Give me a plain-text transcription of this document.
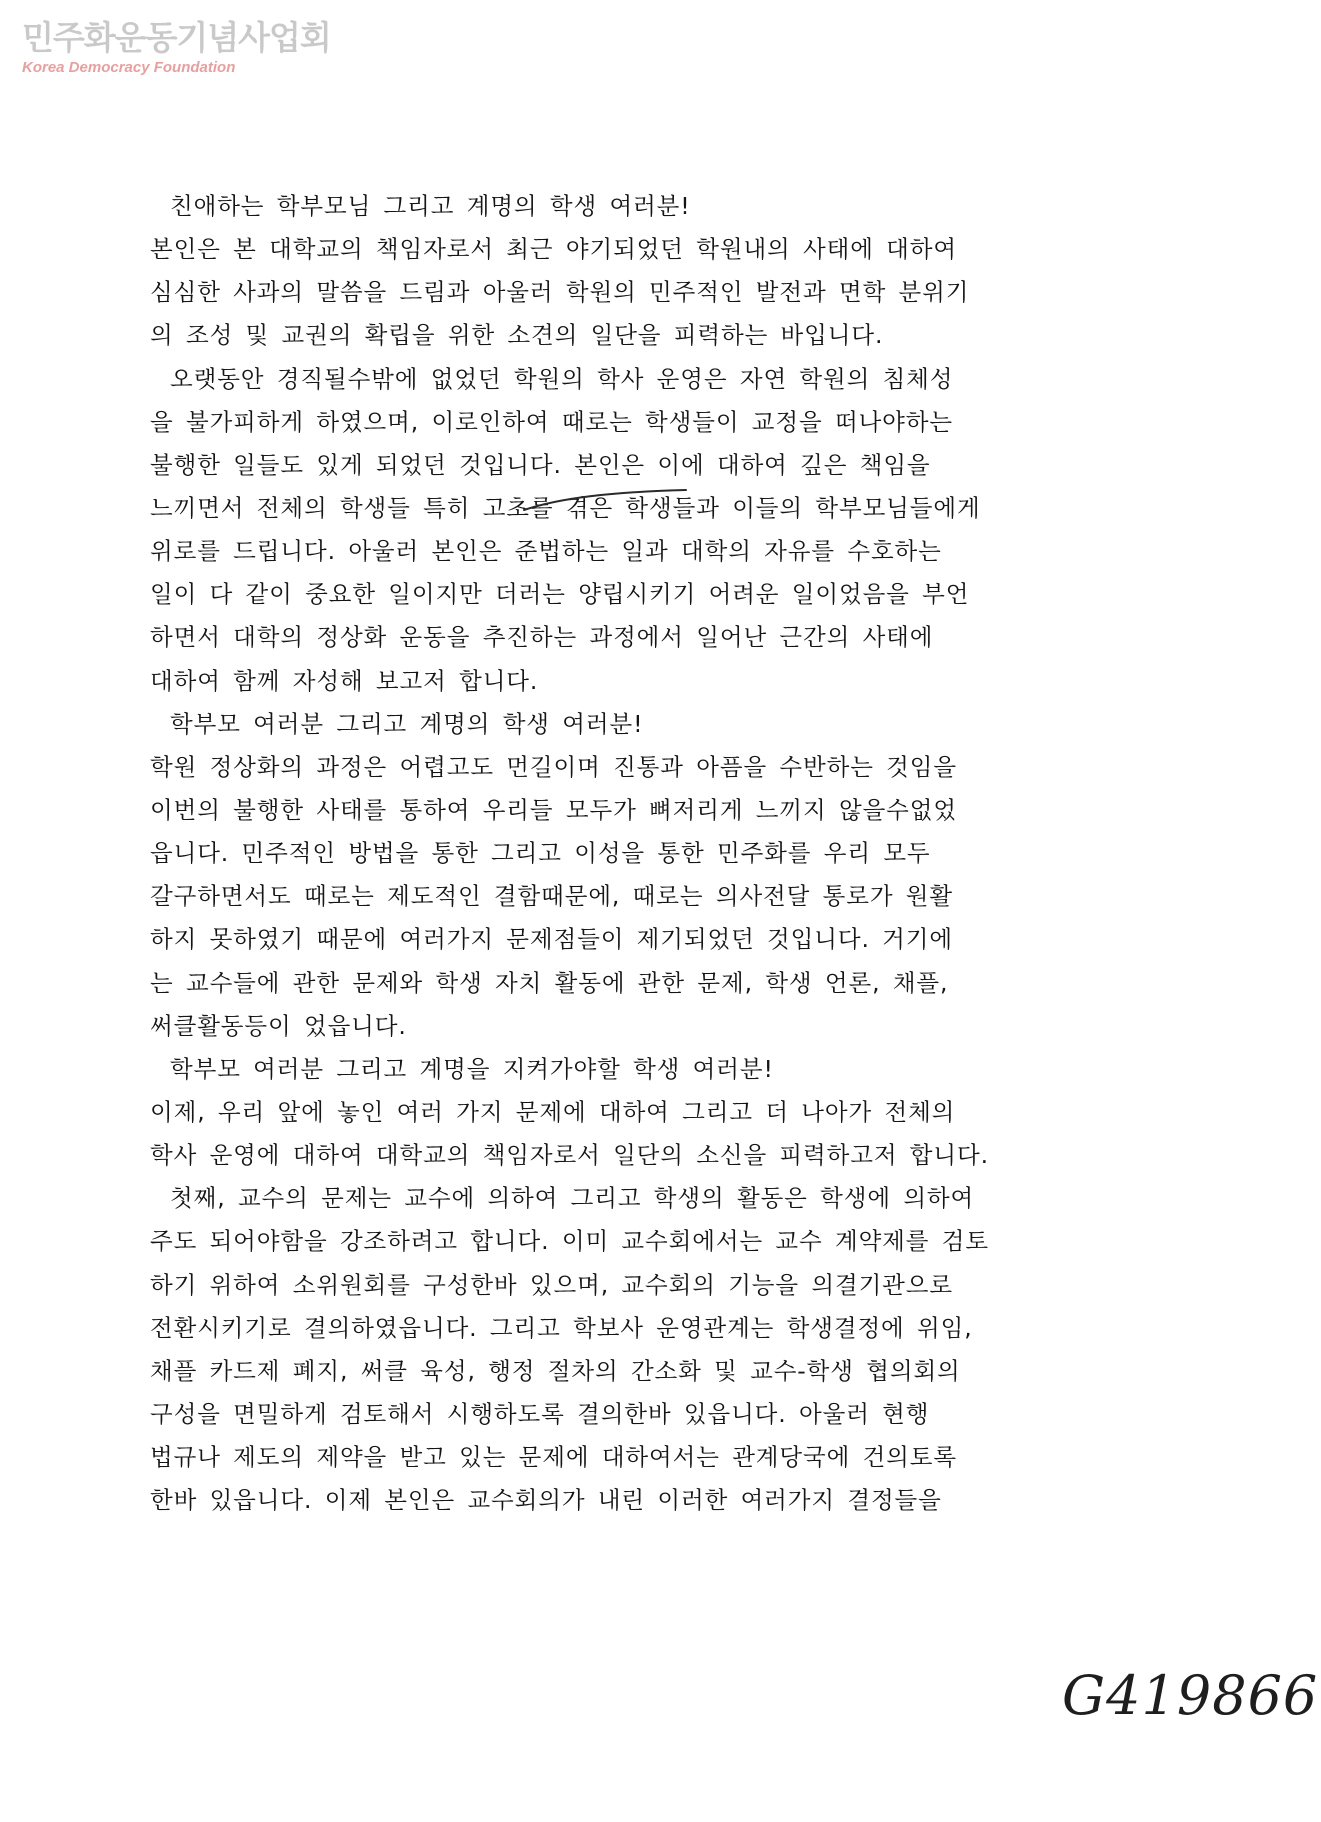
민주화운동기념사업회
Korea Democracy Foundation
친애하는 학부모님 그리고 계명의 학생 여러분!
본인은 본 대학교의 책임자로서 최근 야기되었던 학원내의 사태에 대하여
심심한 사과의 말씀을 드림과 아울러 학원의 민주적인 발전과 면학 분위기
의 조성 및 교권의 확립을 위한 소견의 일단을 피력하는 바입니다.
오랫동안 경직될수밖에 없었던 학원의 학사 운영은 자연 학원의 침체성
을 불가피하게 하였으며, 이로인하여 때로는 학생들이 교정을 떠나야하는
불행한 일들도 있게 되었던 것입니다. 본인은 이에 대하여 깊은 책임을
느끼면서 전체의 학생들 특히 고초를 겪은 학생들과 이들의 학부모님들에게
위로를 드립니다. 아울러 본인은 준법하는 일과 대학의 자유를 수호하는
일이 다 같이 중요한 일이지만 더러는 양립시키기 어려운 일이었음을 부언
하면서 대학의 정상화 운동을 추진하는 과정에서 일어난 근간의 사태에
대하여 함께 자성해 보고저 합니다.
학부모 여러분 그리고 계명의 학생 여러분!
학원 정상화의 과정은 어렵고도 먼길이며 진통과 아픔을 수반하는 것임을
이번의 불행한 사태를 통하여 우리들 모두가 뼈저리게 느끼지 않을수없었
읍니다. 민주적인 방법을 통한 그리고 이성을 통한 민주화를 우리 모두
갈구하면서도 때로는 제도적인 결함때문에, 때로는 의사전달 통로가 원활
하지 못하였기 때문에 여러가지 문제점들이 제기되었던 것입니다. 거기에
는 교수들에 관한 문제와 학생 자치 활동에 관한 문제, 학생 언론, 채플,
써클활동등이 었읍니다.
학부모 여러분 그리고 계명을 지켜가야할 학생 여러분!
이제, 우리 앞에 놓인 여러 가지 문제에 대하여 그리고 더 나아가 전체의
학사 운영에 대하여 대학교의 책임자로서 일단의 소신을 피력하고저 합니다.
첫째, 교수의 문제는 교수에 의하여 그리고 학생의 활동은 학생에 의하여
주도 되어야함을 강조하려고 합니다. 이미 교수회에서는 교수 계약제를 검토
하기 위하여 소위원회를 구성한바 있으며, 교수회의 기능을 의결기관으로
전환시키기로 결의하였읍니다. 그리고 학보사 운영관계는 학생결정에 위임,
채플 카드제 폐지, 써클 육성, 행정 절차의 간소화 및 교수-학생 협의회의
구성을 면밀하게 검토해서 시행하도록 결의한바 있읍니다. 아울러 현행
법규나 제도의 제약을 받고 있는 문제에 대하여서는 관계당국에 건의토록
한바 있읍니다. 이제 본인은 교수회의가 내린 이러한 여러가지 결정들을
G419866
